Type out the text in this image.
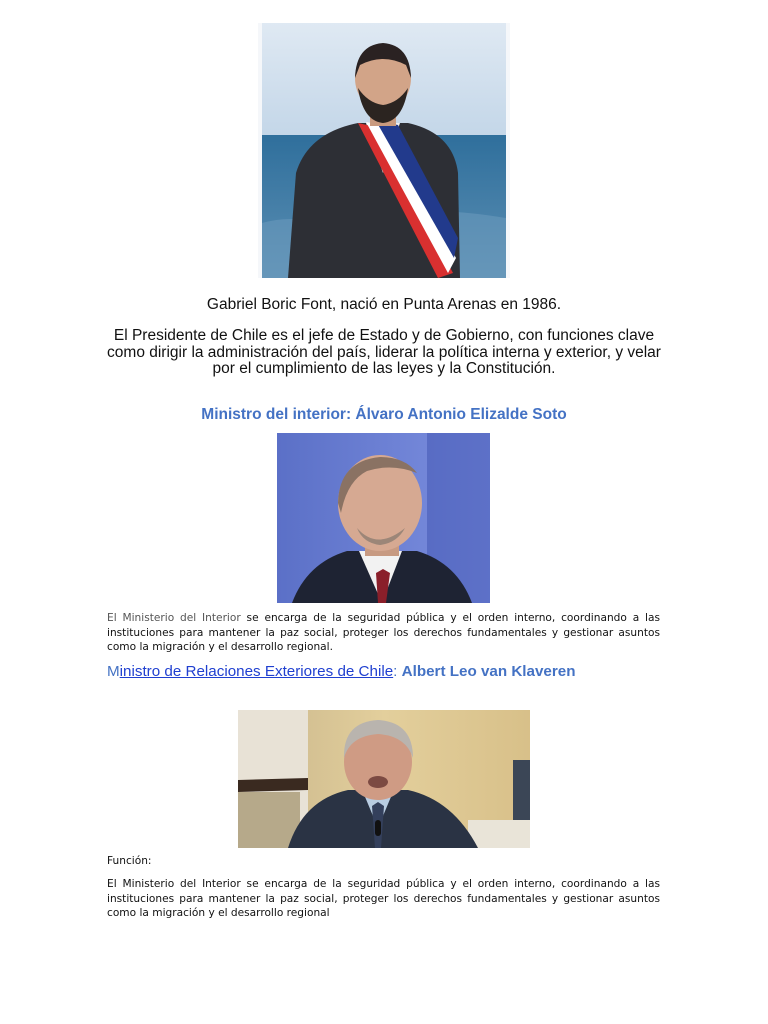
Gabriel Boric Font, nació en Punta Arenas en 1986.
El Presidente de Chile es el jefe de Estado y de Gobierno, con funciones clave como dirigir la administración del país, liderar la política interna y exterior, y velar por el cumplimiento de las leyes y la Constitución.
Ministro del interior: Álvaro Antonio Elizalde Soto
El Ministerio del Interior se encarga de la seguridad pública y el orden interno, coordinando a las instituciones para mantener la paz social, proteger los derechos fundamentales y gestionar asuntos como la migración y el desarrollo regional.
Ministro de Relaciones Exteriores de Chile: Albert Leo van Klaveren
Función:
El Ministerio del Interior se encarga de la seguridad pública y el orden interno, coordinando a las instituciones para mantener la paz social, proteger los derechos fundamentales y gestionar asuntos como la migración y el desarrollo regional
